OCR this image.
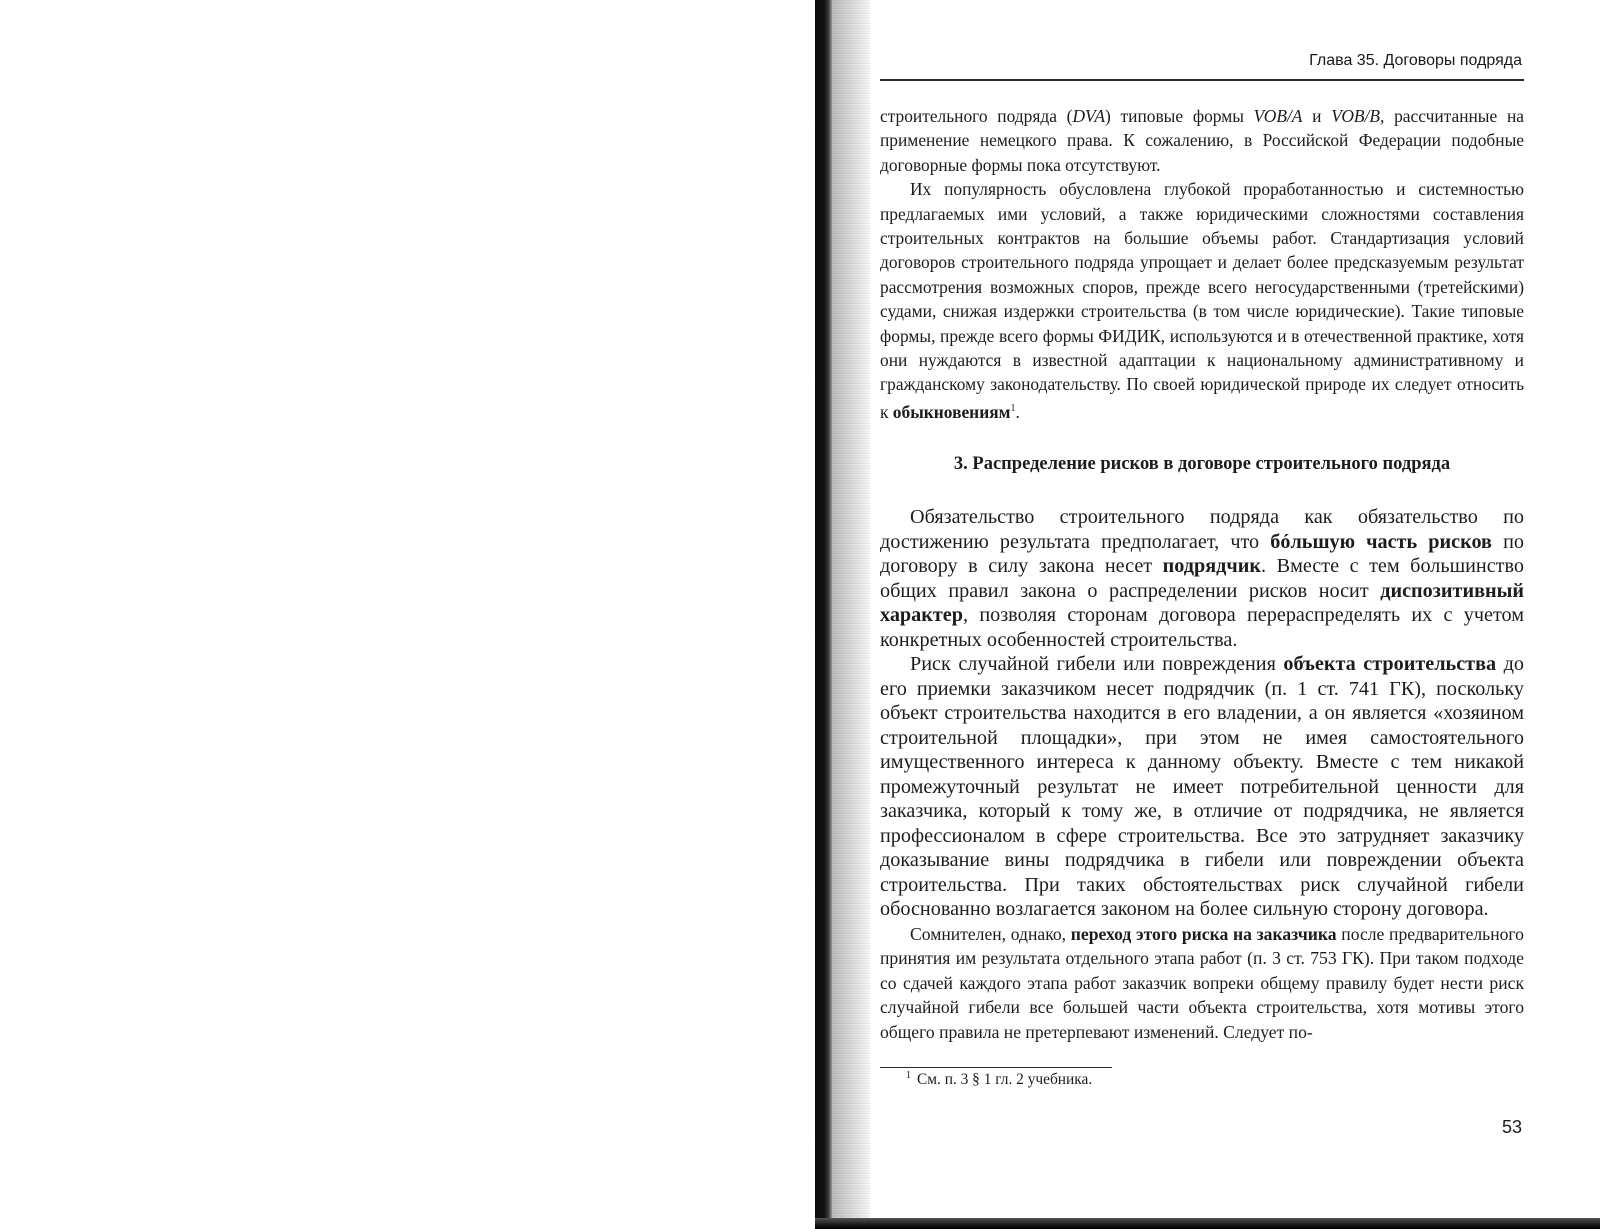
Глава 35. Договоры подряда

строительного подряда (DVA) типовые формы VOB/A и VOB/B, рассчитанные на применение немецкого права. К сожалению, в Российской Федерации подобные договорные формы пока отсутствуют.

Их популярность обусловлена глубокой проработанностью и системностью предлагаемых ими условий, а также юридическими сложностями составления строительных контрактов на большие объемы работ. Стандартизация условий договоров строительного подряда упрощает и делает более предсказуемым результат рассмотрения возможных споров, прежде всего негосударственными (третейскими) судами, снижая издержки строительства (в том числе юридические). Такие типовые формы, прежде всего формы ФИДИК, используются и в отечественной практике, хотя они нуждаются в известной адаптации к национальному административному и гражданскому законодательству. По своей юридической природе их следует относить к обыкновениям$^1$.

3. Распределение рисков в договоре строительного подряда

Обязательство строительного подряда как обязательство по достижению результата предполагает, что бóльшую часть рисков по договору в силу закона несет подрядчик. Вместе с тем большинство общих правил закона о распределении рисков носит диспозитивный характер, позволяя сторонам договора перераспределять их с учетом конкретных особенностей строительства.

Риск случайной гибели или повреждения объекта строительства до его приемки заказчиком несет подрядчик (п. 1 ст. 741 ГК), поскольку объект строительства находится в его владении, а он является «хозяином строительной площадки», при этом не имея самостоятельного имущественного интереса к данному объекту. Вместе с тем никакой промежуточный результат не имеет потребительной ценности для заказчика, который к тому же, в отличие от подрядчика, не является профессионалом в сфере строительства. Все это затрудняет заказчику доказывание вины подрядчика в гибели или повреждении объекта строительства. При таких обстоятельствах риск случайной гибели обоснованно возлагается законом на более сильную сторону договора.

Сомнителен, однако, переход этого риска на заказчика после предварительного принятия им результата отдельного этапа работ (п. 3 ст. 753 ГК). При таком подходе со сдачей каждого этапа работ заказчик вопреки общему правилу будет нести риск случайной гибели все большей части объекта строительства, хотя мотивы этого общего правила не претерпевают изменений. Следует по-

$^1$ См. п. 3 § 1 гл. 2 учебника.
53
